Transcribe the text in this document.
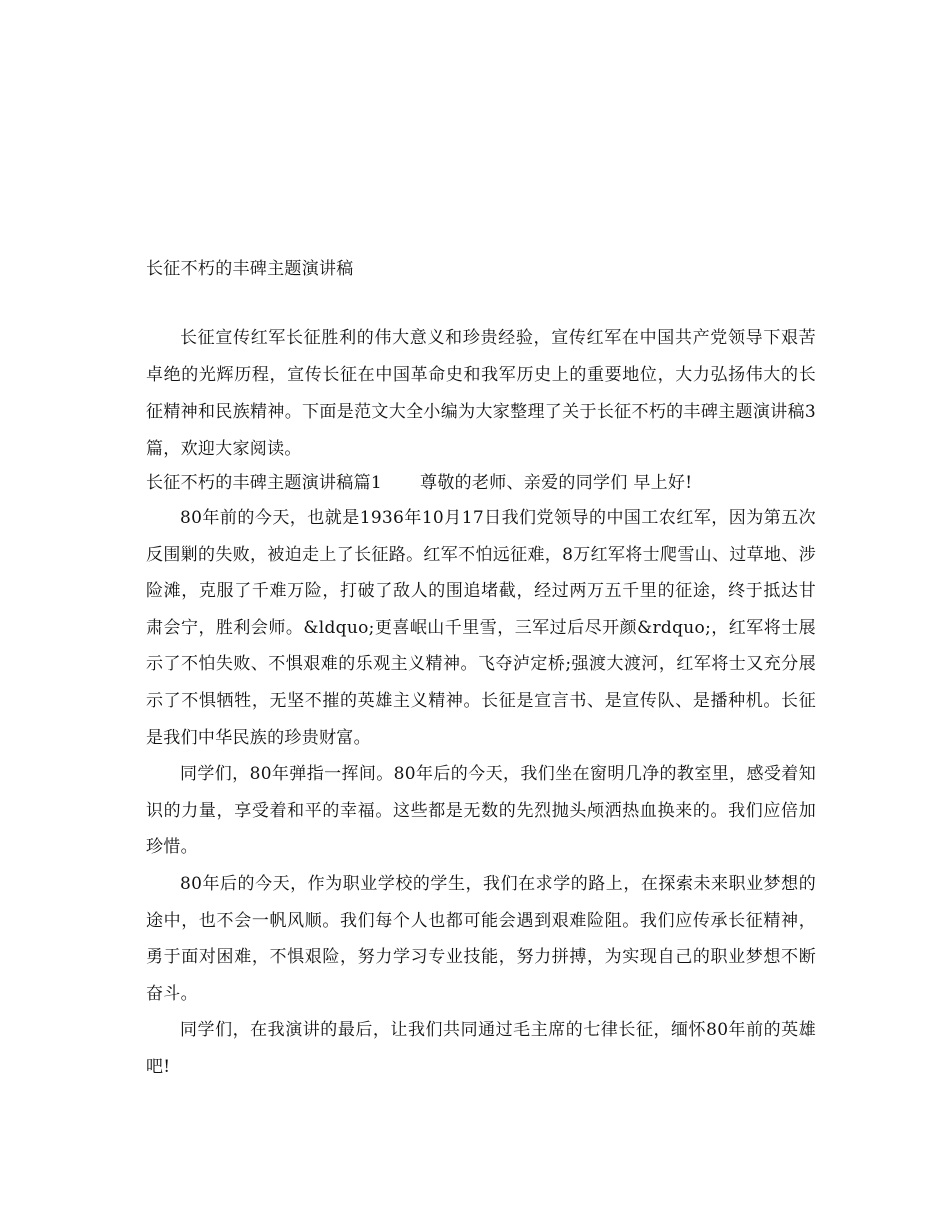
长征不朽的丰碑主题演讲稿

长征宣传红军长征胜利的伟大意义和珍贵经验，宣传红军在中国共产党领导下艰苦卓绝的光辉历程，宣传长征在中国革命史和我军历史上的重要地位，大力弘扬伟大的长征精神和民族精神。下面是范文大全小编为大家整理了关于长征不朽的丰碑主题演讲稿3篇，欢迎大家阅读。

长征不朽的丰碑主题演讲稿篇1 尊敬的老师、亲爱的同学们 早上好!

80年前的今天，也就是1936年10月17日我们党领导的中国工农红军，因为第五次反围剿的失败，被迫走上了长征路。红军不怕远征难，8万红军将士爬雪山、过草地、涉险滩，克服了千难万险，打破了敌人的围追堵截，经过两万五千里的征途，终于抵达甘肃会宁，胜利会师。&ldquo;更喜岷山千里雪，三军过后尽开颜&rdquo;，红军将士展示了不怕失败、不惧艰难的乐观主义精神。飞夺泸定桥;强渡大渡河，红军将士又充分展示了不惧牺牲，无坚不摧的英雄主义精神。长征是宣言书、是宣传队、是播种机。长征是我们中华民族的珍贵财富。

同学们，80年弹指一挥间。80年后的今天，我们坐在窗明几净的教室里，感受着知识的力量，享受着和平的幸福。这些都是无数的先烈抛头颅洒热血换来的。我们应倍加珍惜。

80年后的今天，作为职业学校的学生，我们在求学的路上，在探索未来职业梦想的途中，也不会一帆风顺。我们每个人也都可能会遇到艰难险阻。我们应传承长征精神，勇于面对困难，不惧艰险，努力学习专业技能，努力拼搏，为实现自己的职业梦想不断奋斗。

同学们，在我演讲的最后，让我们共同通过毛主席的七律长征，缅怀80年前的英雄吧!
